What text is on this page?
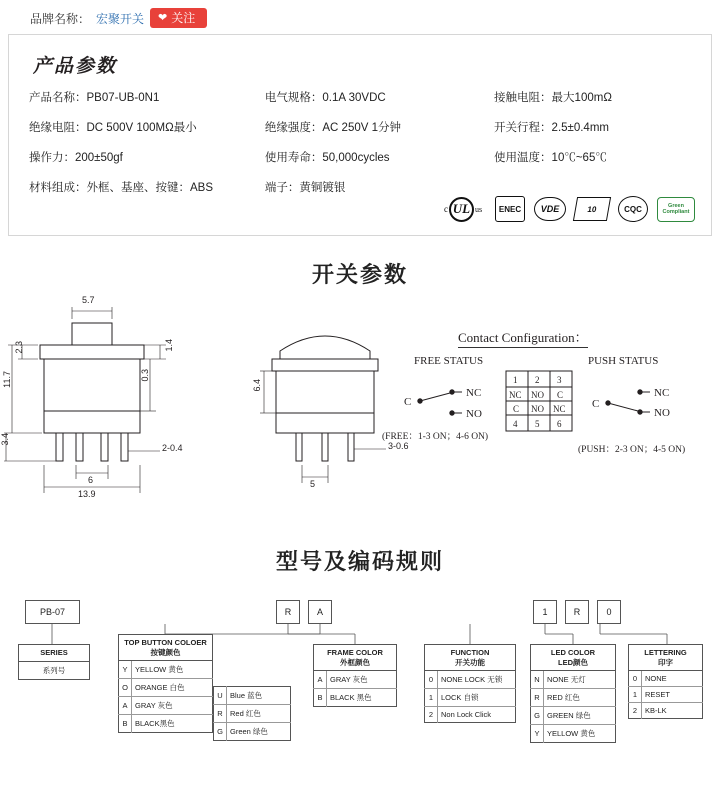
品牌名称： 宏聚开关 ❤ 关注
产品参数
产品名称：PB07-UB-0N1	电气规格：0.1A 30VDC	接触电阻：最大100mΩ
绝缘电阻：DC 500V 100MΩ最小	绝缘强度：AC 250V 1分钟	开关行程：2.5±0.4mm
操作力：200±50gf	使用寿命：50,000cycles	使用温度：10℃~65℃
材料组成：外框、基座、按键：ABS	端子：黄铜镀银	
c UL us	ENEC	VDE	10	CQC	Green
Compliant
开关参数
5.7
2.3
11.7
3.4
1.4
0.3
6
13.9
2-0.4
6.4
5
3-0.6
Contact Configuration：
FREE STATUS	PUSH STATUS
C
NC
NO
C
NC
NO
1 2 3
NC NO C
C NO NC
4 5 6
(FREE：1-3 ON；4-6 ON)
(PUSH：2-3 ON；4-5 ON)
型号及编码规则
PB-07	R	A	1	R	0
SERIES
系列号
TOP BUTTON COLOER
按键颜色	
Y	YELLOW 黄色
O	ORANGE 白色
A	GRAY 灰色
B	BLACK黑色
U	Blue 蓝色
R	Red 红色
G	Green 绿色
FRAME COLOR
外框颜色	
A	GRAY 灰色
B	BLACK 黑色
FUNCTION
开关功能	
0	NONE LOCK 无锁
1	LOCK 自锁
2	Non Lock Click
LED COLOR
LED颜色	
N	NONE 无灯
R	RED 红色
G	GREEN 绿色
Y	YELLOW 黄色
LETTERING
印字	
0	NONE
1	RESET
2	KB-LK
